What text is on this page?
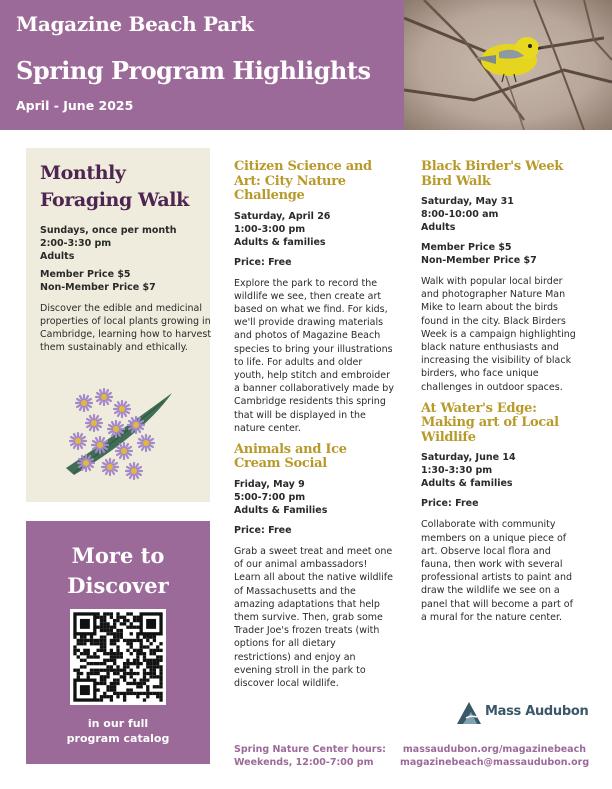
Magazine Beach Park
Spring Program Highlights
April - June 2025
Monthly Foraging Walk
Sundays, once per month
2:00-3:30 pm
Adults
Member Price $5
Non-Member Price $7
Discover the edible and medicinal properties of local plants growing in Cambridge, learning how to harvest them sustainably and ethically.
More to Discover
in our full
program catalog
Citizen Science and Art: City Nature Challenge
Saturday, April 26
1:00-3:00 pm
Adults & families
Price: Free
Explore the park to record the wildlife we see, then create art based on what we find. For kids, we'll provide drawing materials and photos of Magazine Beach species to bring your illustrations to life. For adults and older youth, help stitch and embroider a banner collaboratively made by Cambridge residents this spring that will be displayed in the nature center.
Animals and Ice Cream Social
Friday, May 9
5:00-7:00 pm
Adults & Families
Price: Free
Grab a sweet treat and meet one of our animal ambassadors! Learn all about the native wildlife of Massachusetts and the amazing adaptations that help them survive. Then, grab some Trader Joe's frozen treats (with options for all dietary restrictions) and enjoy an evening stroll in the park to discover local wildlife.
Black Birder's Week Bird Walk
Saturday, May 31
8:00-10:00 am
Adults
Member Price $5
Non-Member Price $7
Walk with popular local birder and photographer Nature Man Mike to learn about the birds found in the city. Black Birders Week is a campaign highlighting black nature enthusiasts and increasing the visibility of black birders, who face unique challenges in outdoor spaces.
At Water's Edge: Making art of Local Wildlife
Saturday, June 14
1:30-3:30 pm
Adults & families
Price: Free
Collaborate with community members on a unique piece of art. Observe local flora and fauna, then work with several professional artists to paint and draw the wildlife we see on a panel that will become a part of a mural for the nature center.
Mass Audubon
Spring Nature Center hours:
Weekends, 12:00-7:00 pm
massaudubon.org/magazinebeach
magazinebeach@massaudubon.org
